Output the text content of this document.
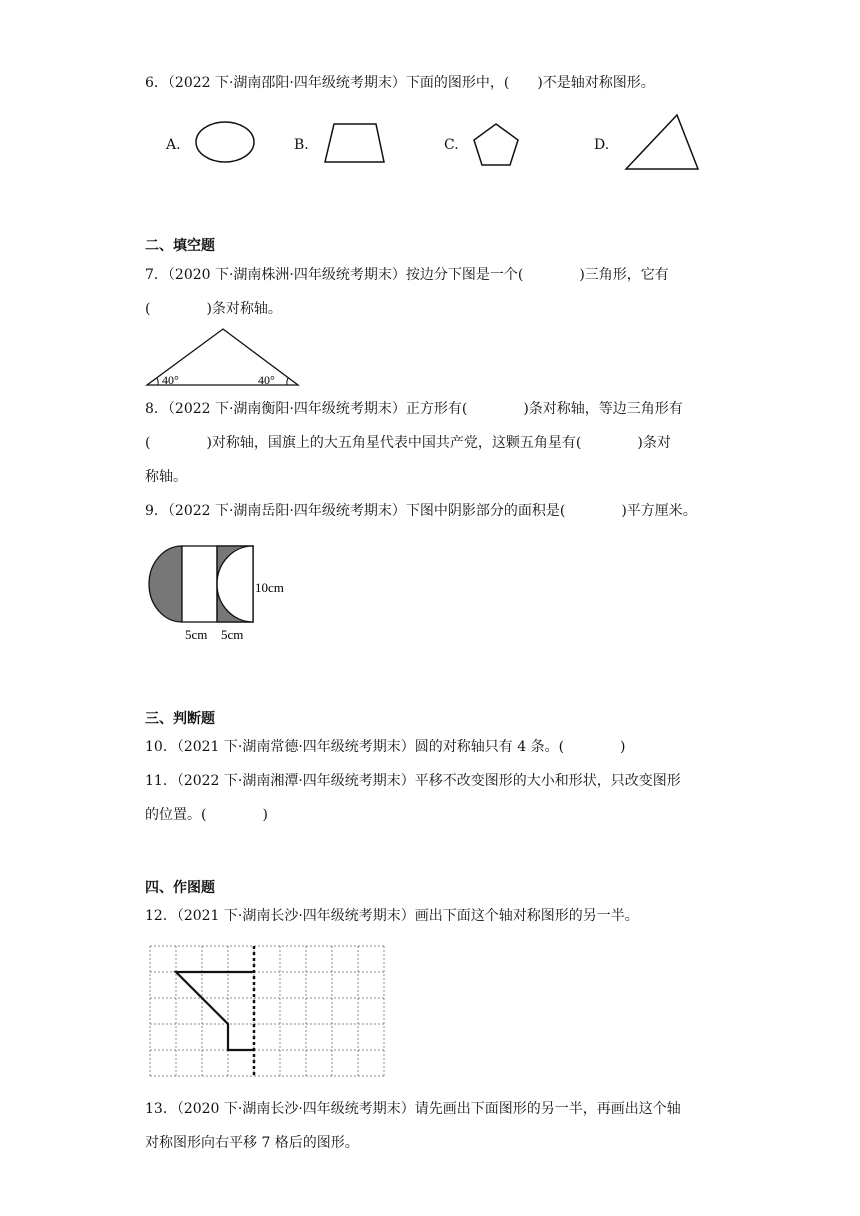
6．（2022 下·湖南邵阳·四年级统考期末）下面的图形中，(　　)不是轴对称图形。
A.	B.	C.	D.
二、填空题
7．（2020 下·湖南株洲·四年级统考期末）按边分下图是一个(　　　　)三角形，它有
(　　　　)条对称轴。
40°	40°
8．（2022 下·湖南衡阳·四年级统考期末）正方形有(　　　　)条对称轴，等边三角形有
(　　　　)对称轴，国旗上的大五角星代表中国共产党，这颗五角星有(　　　　)条对
称轴。
9．（2022 下·湖南岳阳·四年级统考期末）下图中阴影部分的面积是(　　　　)平方厘米。
10cm
5cm 5cm
三、判断题
10．（2021 下·湖南常德·四年级统考期末）圆的对称轴只有 4 条。(　　　　)
11．（2022 下·湖南湘潭·四年级统考期末）平移不改变图形的大小和形状，只改变图形
的位置。(　　　　)
四、作图题
12．（2021 下·湖南长沙·四年级统考期末）画出下面这个轴对称图形的另一半。
13．（2020 下·湖南长沙·四年级统考期末）请先画出下面图形的另一半，再画出这个轴
对称图形向右平移 7 格后的图形。
